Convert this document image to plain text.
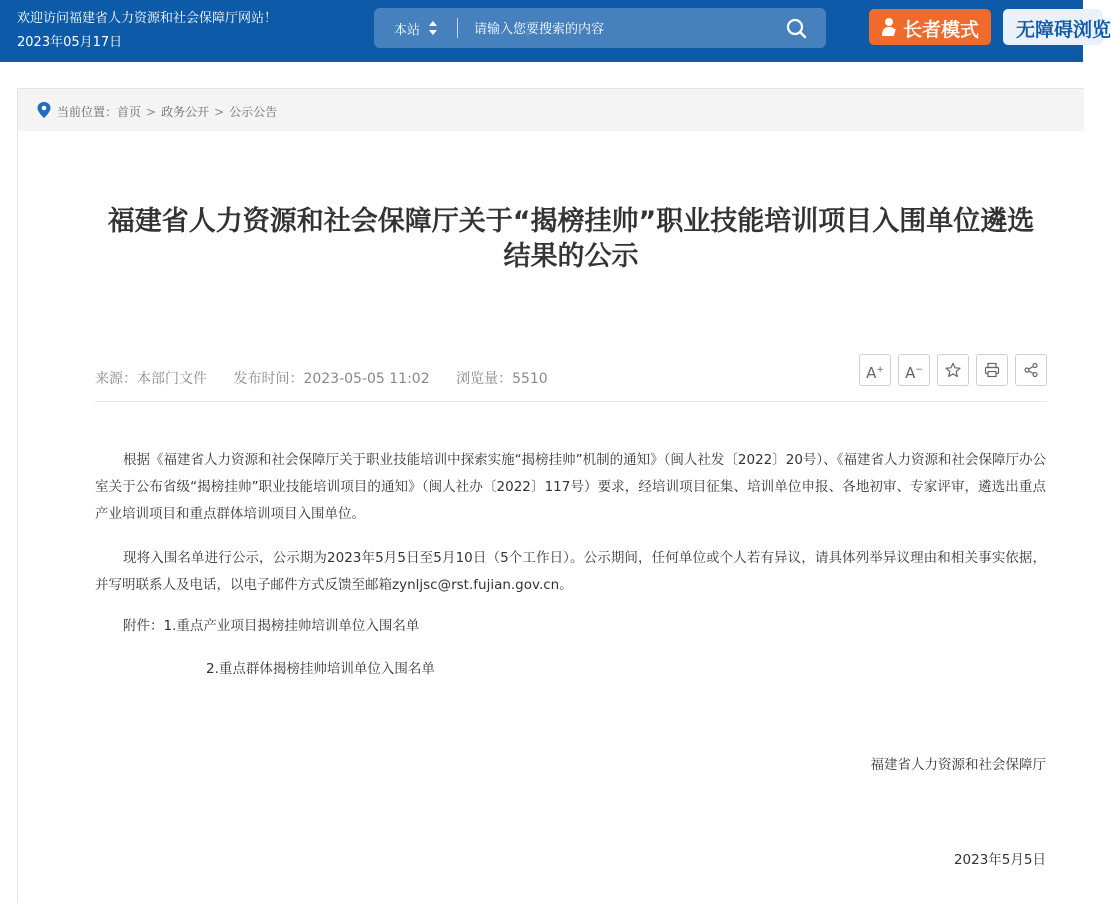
欢迎访问福建省人力资源和社会保障厅网站！
2023年05月17日
本站
请输入您要搜索的内容	长者模式 无障碍浏览
当前位置：首页 > 政务公开 > 公示公告
福建省人力资源和社会保障厅关于“揭榜挂帅”职业技能培训项目入围单位遴选结果的公示
来源：本部门文件 发布时间：2023-05-05 11:02 浏览量：5510	A+	A−

根据《福建省人力资源和社会保障厅关于职业技能培训中探索实施“揭榜挂帅”机制的通知》（闽人社发〔2022〕20号）、《福建省人力资源和社会保障厅办公室关于公布省级“揭榜挂帅”职业技能培训项目的通知》（闽人社办〔2022〕117号）要求，经培训项目征集、培训单位申报、各地初审、专家评审，遴选出重点产业培训项目和重点群体培训项目入围单位。

现将入围名单进行公示，公示期为2023年5月5日至5月10日（5个工作日）。公示期间，任何单位或个人若有异议，请具体列举异议理由和相关事实依据，并写明联系人及电话，以电子邮件方式反馈至邮箱zynljsc@rst.fujian.gov.cn。

附件：1.重点产业项目揭榜挂帅培训单位入围名单
2.重点群体揭榜挂帅培训单位入围名单
福建省人力资源和社会保障厅
2023年5月5日
